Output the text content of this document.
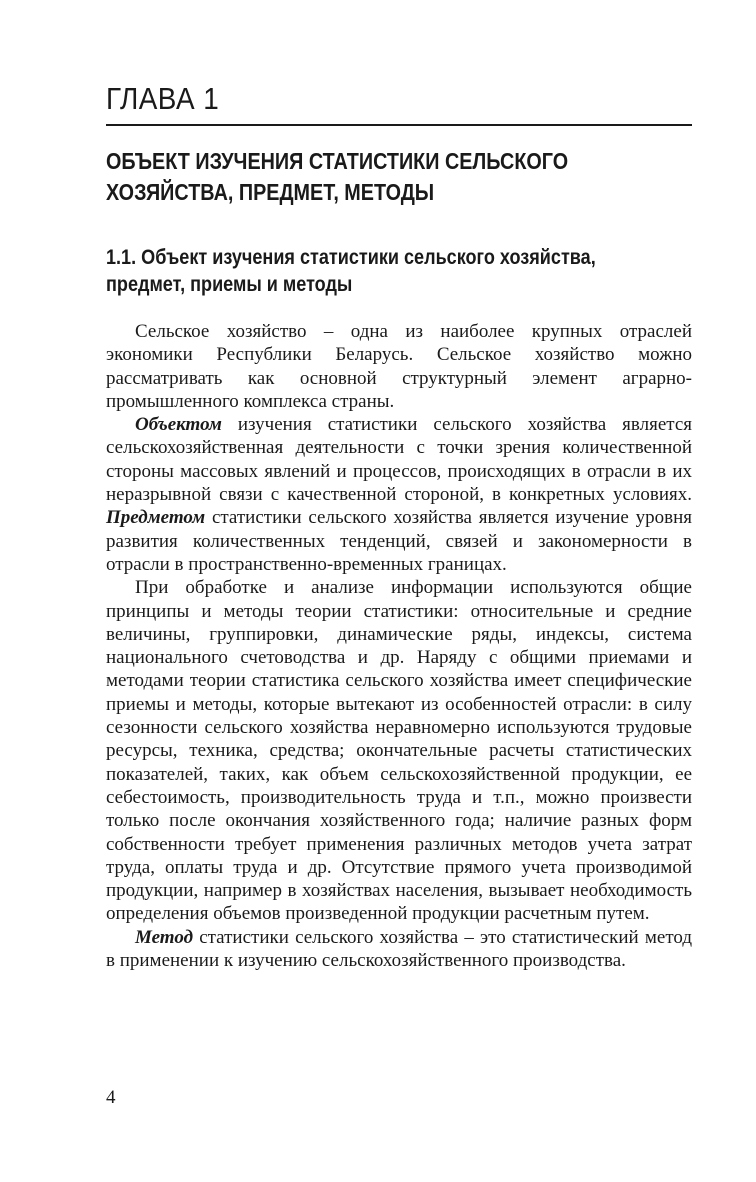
ГЛАВА 1
ОБЪЕКТ ИЗУЧЕНИЯ СТАТИСТИКИ СЕЛЬСКОГО
ХОЗЯЙСТВА, ПРЕДМЕТ, МЕТОДЫ
1.1. Объект изучения статистики сельского хозяйства,
предмет, приемы и методы

Сельское хозяйство – одна из наиболее крупных отраслей экономики Республики Беларусь. Сельское хозяйство можно рассматривать как основной структурный элемент аграрно-промышленного комплекса страны.

Объектом изучения статистики сельского хозяйства является сельскохозяйственная деятельности с точки зрения количественной стороны массовых явлений и процессов, происходящих в отрасли в их неразрывной связи с качественной стороной, в конкретных условиях. Предметом статистики сельского хозяйства является изучение уровня развития количественных тенденций, связей и закономерности в отрасли в пространственно-временных границах.

При обработке и анализе информации используются общие принципы и методы теории статистики: относительные и средние величины, группировки, динамические ряды, индексы, система национального счетоводства и др. Наряду с общими приемами и методами теории статистика сельского хозяйства имеет специфические приемы и методы, которые вытекают из особенностей отрасли: в силу сезонности сельского хозяйства неравномерно используются трудовые ресурсы, техника, средства; окончательные расчеты статистических показателей, таких, как объем сельскохозяйственной продукции, ее себестоимость, производительность труда и т.п., можно произвести только после окончания хозяйственного года; наличие разных форм собственности требует применения различных методов учета затрат труда, оплаты труда и др. Отсутствие прямого учета производимой продукции, например в хозяйствах населения, вызывает необходимость определения объемов произведенной продукции расчетным путем.

Метод статистики сельского хозяйства – это статистический метод в применении к изучению сельскохозяйственного производства.

4
